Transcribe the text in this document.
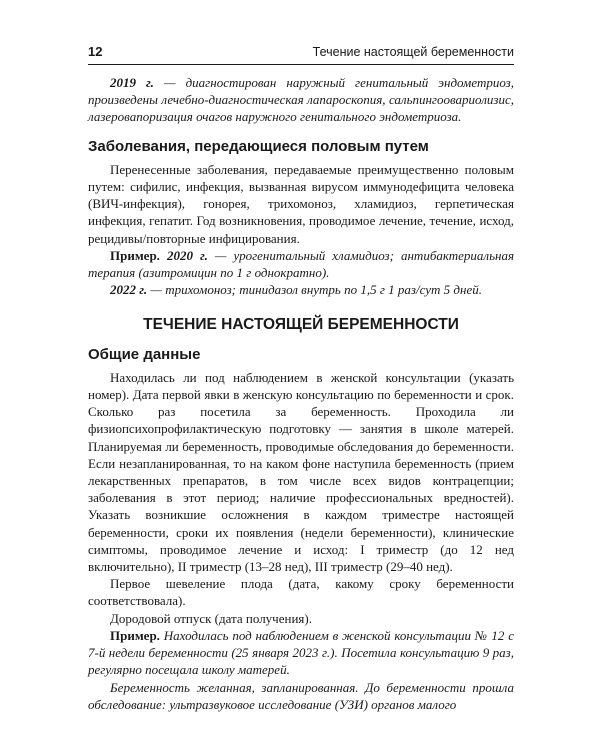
12	Течение настоящей беременности

2019 г. — диагностирован наружный генитальный эндометриоз, произведены лечебно-диагностическая лапароскопия, сальпингоовариолизис, лазеровапоризация очагов наружного генитального эндометриоза.

Заболевания, передающиеся половым путем

Перенесенные заболевания, передаваемые преимущественно половым путем: сифилис, инфекция, вызванная вирусом иммунодефицита человека (ВИЧ-инфекция), гонорея, трихомоноз, хламидиоз, герпетическая инфекция, гепатит. Год возникновения, проводимое лечение, течение, исход, рецидивы/повторные инфицирования.

Пример. 2020 г. — урогенитальный хламидиоз; антибактериальная терапия (азитромицин по 1 г однократно).

2022 г. — трихомоноз; тинидазол внутрь по 1,5 г 1 раз/сут 5 дней.

ТЕЧЕНИЕ НАСТОЯЩЕЙ БЕРЕМЕННОСТИ
Общие данные

Находилась ли под наблюдением в женской консультации (указать номер). Дата первой явки в женскую консультацию по беременности и срок. Сколько раз посетила за беременность. Проходила ли физиопсихопрофилактическую подготовку — занятия в школе матерей. Планируемая ли беременность, проводимые обследования до беременности. Если незапланированная, то на каком фоне наступила беременность (прием лекарственных препаратов, в том числе всех видов контрацепции; заболевания в этот период; наличие профессиональных вредностей). Указать возникшие осложнения в каждом триместре настоящей беременности, сроки их появления (недели беременности), клинические симптомы, проводимое лечение и исход: I триместр (до 12 нед включительно), II триместр (13–28 нед), III триместр (29–40 нед).

Первое шевеление плода (дата, какому сроку беременности соответствовала).

Дородовой отпуск (дата получения).

Пример. Находилась под наблюдением в женской консультации № 12 с 7-й недели беременности (25 января 2023 г.). Посетила консультацию 9 раз, регулярно посещала школу матерей.

Беременность желанная, запланированная. До беременности прошла обследование: ультразвуковое исследование (УЗИ) органов малого
